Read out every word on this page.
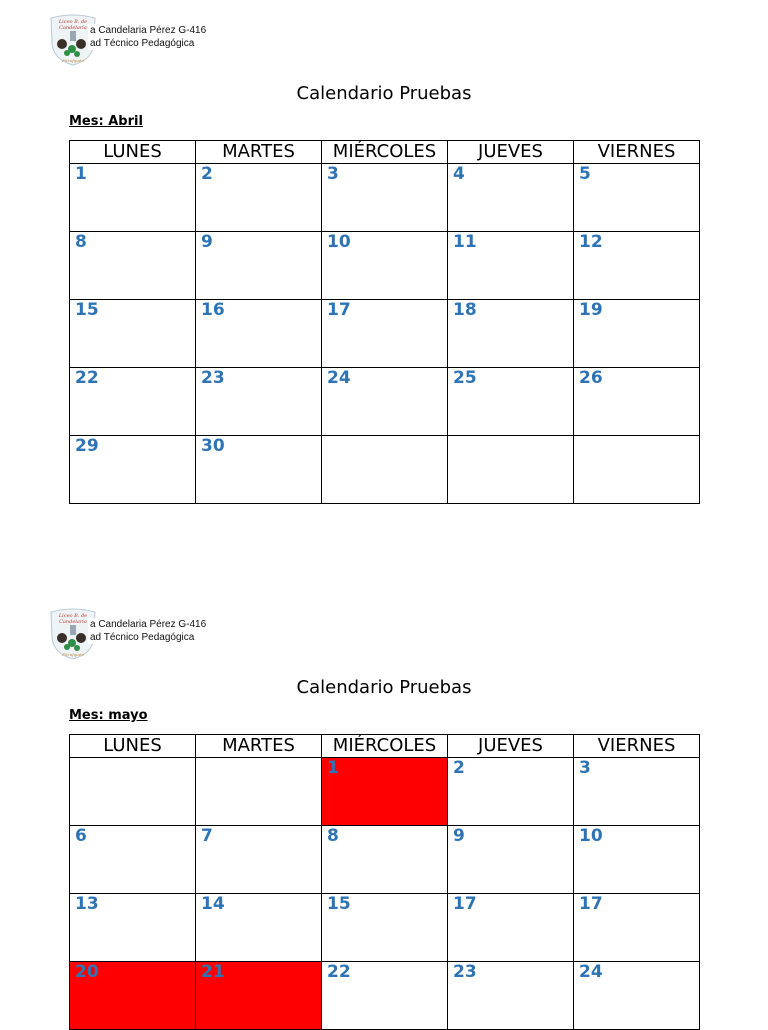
Liceo B. de
Candelaria
Pitrufquén
a Candelaria Pérez G-416
ad Técnico Pedagógica
Calendario Pruebas
Mes: Abril
LUNES	MARTES	MIÉRCOLES	JUEVES	VIERNES
1	2	3	4	5
8	9	10	11	12
15	16	17	18	19
22	23	24	25	26
29	30			
Liceo B. de
Candelaria
Pitrufquén
a Candelaria Pérez G-416
ad Técnico Pedagógica
Calendario Pruebas
Mes: mayo
LUNES	MARTES	MIÉRCOLES	JUEVES	VIERNES
		1	2	3
6	7	8	9	10
13	14	15	17	17
20	21	22	23	24
